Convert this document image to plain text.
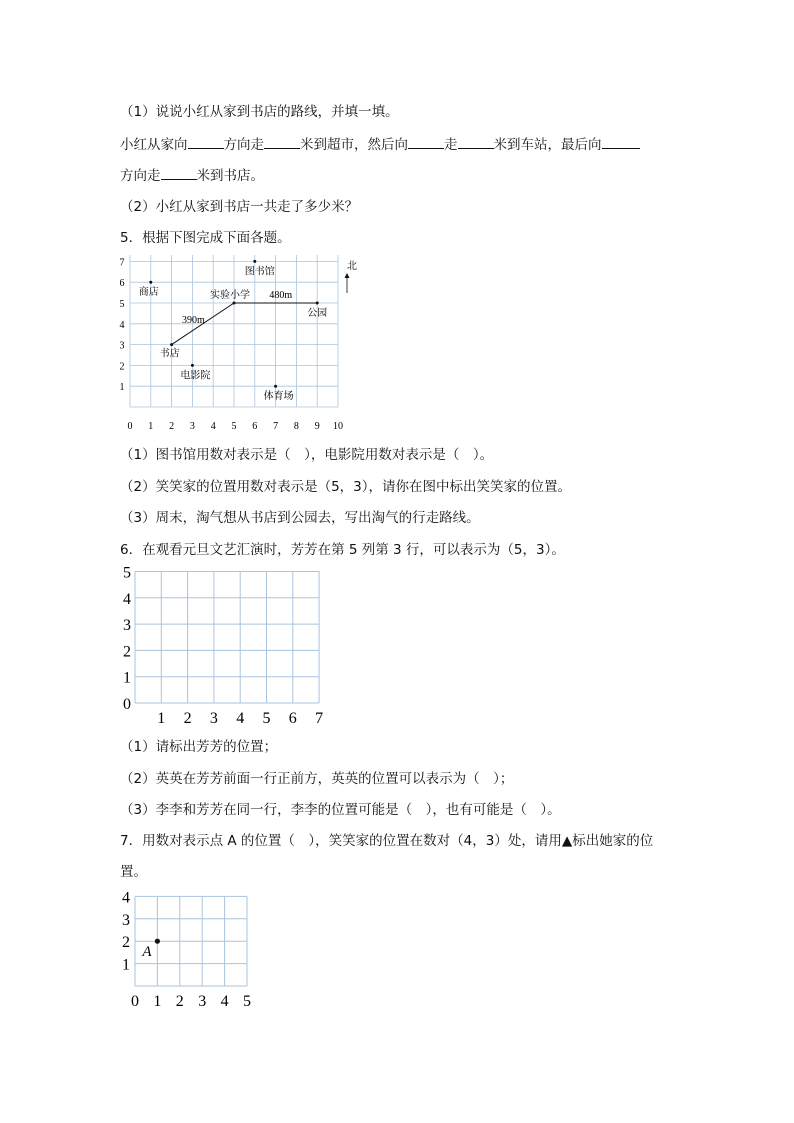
（1）说说小红从家到书店的路线，并填一填。
小红从家向	方向走	米到超市，然后向	走	米到车站，最后向
方向走	米到书店。
（2）小红从家到书店一共走了多少米？
5．根据下图完成下面各题。
0 1 2 3 4 5 6 7 8 9 10
1
2
3
4
5
6
7
390m
480m
图书馆
商店	实验小学
公园
书店
电影院
体育场
北
（1）图书馆用数对表示是（　），电影院用数对表示是（　）。
（2）笑笑家的位置用数对表示是（5，3），请你在图中标出笑笑家的位置。
（3）周末，淘气想从书店到公园去，写出淘气的行走路线。
6．在观看元旦文艺汇演时，芳芳在第 5 列第 3 行，可以表示为（5，3）。
1 2 3 4 5 6 7
0
1
2
3
4
5
（1）请标出芳芳的位置；
（2）英英在芳芳前面一行正前方，英英的位置可以表示为（　）；
（3）李李和芳芳在同一行，李李的位置可能是（　），也有可能是（　）。
7．用数对表示点 A 的位置（　），笑笑家的位置在数对（4，3）处，请用▲标出她家的位
置。
0 1 2 3 4 5
1
2
3
4
A
